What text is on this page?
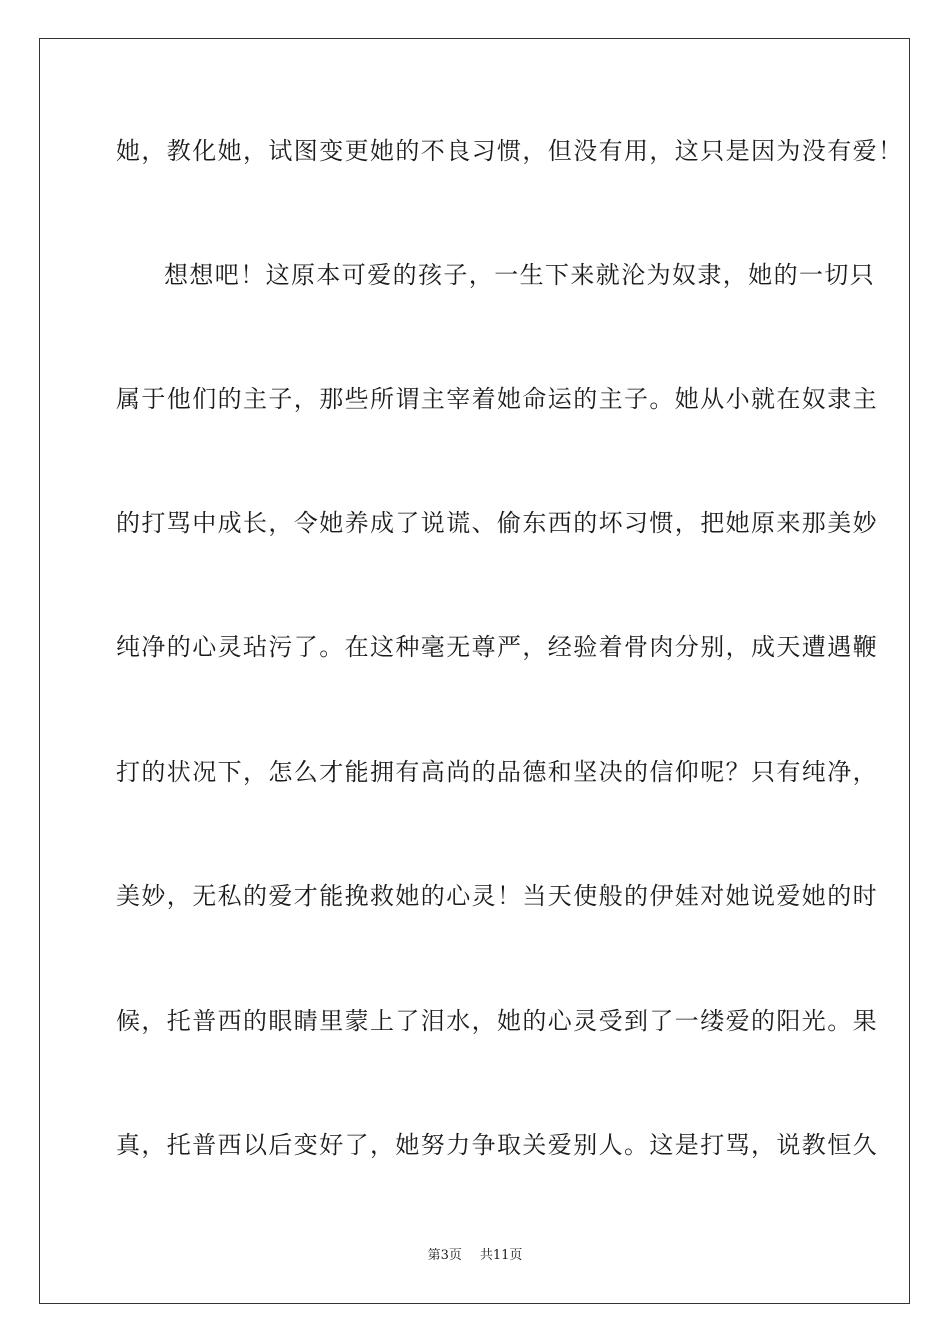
她，教化她，试图变更她的不良习惯，但没有用，这只是因为没有爱！
想想吧！这原本可爱的孩子，一生下来就沦为奴隶，她的一切只
属于他们的主子，那些所谓主宰着她命运的主子。她从小就在奴隶主
的打骂中成长，令她养成了说谎、偷东西的坏习惯，把她原来那美妙
纯净的心灵玷污了。在这种毫无尊严，经验着骨肉分别，成天遭遇鞭
打的状况下，怎么才能拥有高尚的品德和坚决的信仰呢？只有纯净，
美妙，无私的爱才能挽救她的心灵！当天使般的伊娃对她说爱她的时
候，托普西的眼睛里蒙上了泪水，她的心灵受到了一缕爱的阳光。果
真，托普西以后变好了，她努力争取关爱别人。这是打骂，说教恒久
第3页 共11页
